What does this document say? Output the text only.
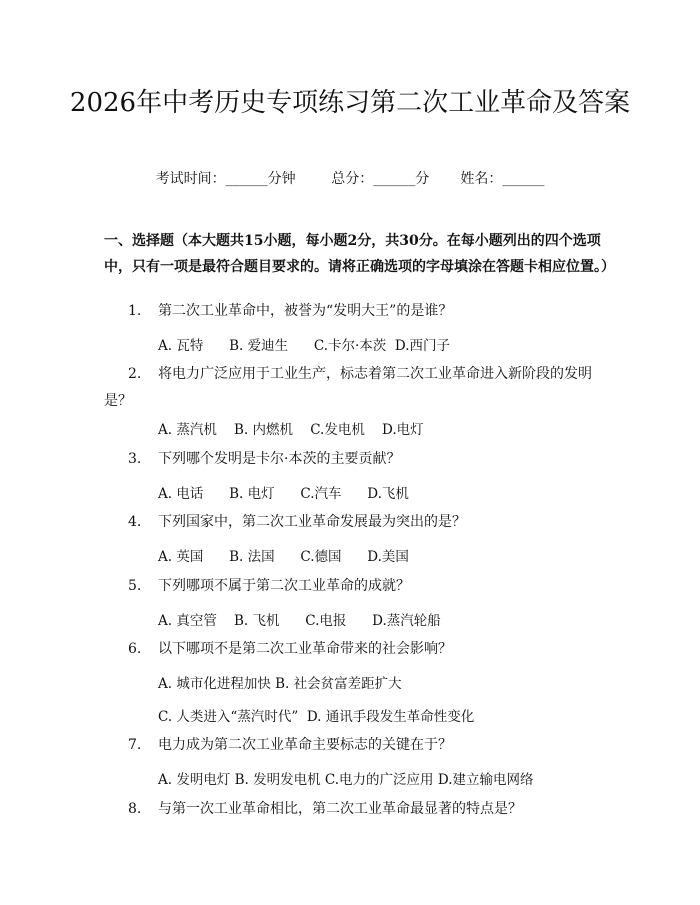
2026年中考历史专项练习第二次工业革命及答案
考试时间：______分钟	总分：______分 姓名：______
一、选择题（本大题共15小题，每小题2分，共30分。在每小题列出的四个选项中，只有一项是最符合题目要求的。请将正确选项的字母填涂在答题卡相应位置。）
1. 第二次工业革命中，被誉为“发明大王”的是谁？
A. 瓦特 B. 爱迪生 C.卡尔·本茨 D.西门子
2. 将电力广泛应用于工业生产，标志着第二次工业革命进入新阶段的发明是？
A. 蒸汽机 B. 内燃机 C.发电机 D.电灯
3. 下列哪个发明是卡尔·本茨的主要贡献？
A. 电话 B. 电灯 C.汽车 D.飞机
4. 下列国家中，第二次工业革命发展最为突出的是？
A. 英国 B. 法国 C.德国 D.美国
5. 下列哪项不属于第二次工业革命的成就？
A. 真空管 B. 飞机 C.电报 D.蒸汽轮船
6. 以下哪项不是第二次工业革命带来的社会影响？
A. 城市化进程加快 B. 社会贫富差距扩大
C. 人类进入“蒸汽时代”  D. 通讯手段发生革命性变化
7. 电力成为第二次工业革命主要标志的关键在于？
A. 发明电灯 B. 发明发电机 C.电力的广泛应用 D.建立输电网络
8. 与第一次工业革命相比，第二次工业革命最显著的特点是？
